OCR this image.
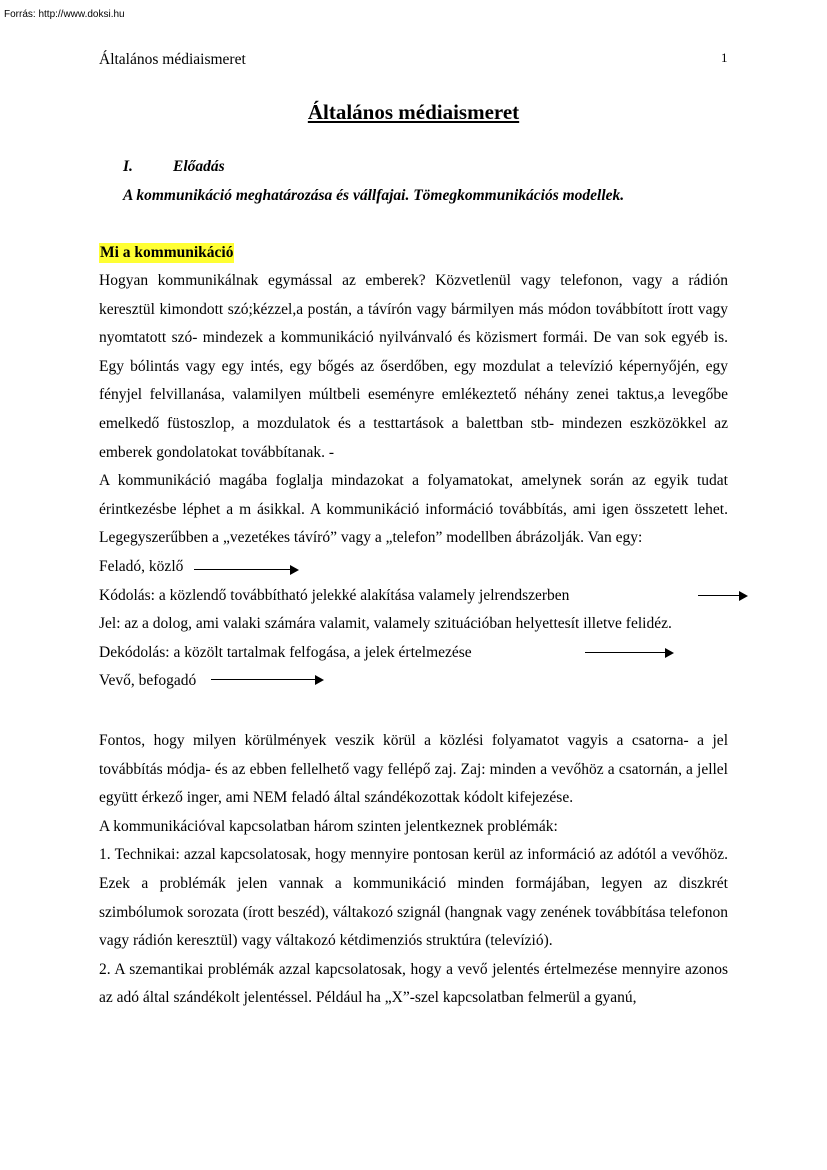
Forrás: http://www.doksi.hu
Általános médiaismeret	1
Általános médiaismeret
I.	Előadás
A kommunikáció meghatározása és vállfajai. Tömegkommunikációs modellek.
Mi a kommunikáció

Hogyan kommunikálnak egymással az emberek? Közvetlenül vagy telefonon, vagy a rádión keresztül kimondott szó;kézzel,a postán, a távírón vagy bármilyen más módon továbbított írott vagy nyomtatott szó- mindezek a kommunikáció nyilvánvaló és közismert formái. De van sok egyéb is. Egy bólintás vagy egy intés, egy bőgés az őserdőben, egy mozdulat a televízió képernyőjén, egy fényjel felvillanása, valamilyen múltbeli eseményre emlékeztető néhány zenei taktus,a levegőbe emelkedő füstoszlop, a mozdulatok és a testtartások a balettban stb- mindezen eszközökkel az emberek gondolatokat továbbítanak. -

A kommunikáció magába foglalja mindazokat a folyamatokat, amelynek során az egyik tudat érintkezésbe léphet a m ásikkal. A kommunikáció információ továbbítás, ami igen összetett lehet. Legegyszerűbben a „vezetékes távíró” vagy a „telefon” modellben ábrázolják. Van egy:

Feladó, közlő
Kódolás: a közlendő továbbítható jelekké alakítása valamely jelrendszerben
Jel: az a dolog, ami valaki számára valamit, valamely szituációban helyettesít illetve felidéz.
Dekódolás: a közölt tartalmak felfogása, a jelek értelmezése
Vevő, befogadó

Fontos, hogy milyen körülmények veszik körül a közlési folyamatot vagyis a csatorna- a jel továbbítás módja- és az ebben fellelhető vagy fellépő zaj. Zaj: minden a vevőhöz a csatornán, a jellel együtt érkező inger, ami NEM feladó által szándékozottak kódolt kifejezése.

A kommunikációval kapcsolatban három szinten jelentkeznek problémák:

1. Technikai: azzal kapcsolatosak, hogy mennyire pontosan kerül az információ az adótól a vevőhöz. Ezek a problémák jelen vannak a kommunikáció minden formájában, legyen az diszkrét szimbólumok sorozata (írott beszéd), váltakozó szignál (hangnak vagy zenének továbbítása telefonon vagy rádión keresztül) vagy váltakozó kétdimenziós struktúra (televízió).

2. A szemantikai problémák azzal kapcsolatosak, hogy a vevő jelentés értelmezése mennyire azonos az adó által szándékolt jelentéssel. Például ha „X”-szel kapcsolatban felmerül a gyanú,
